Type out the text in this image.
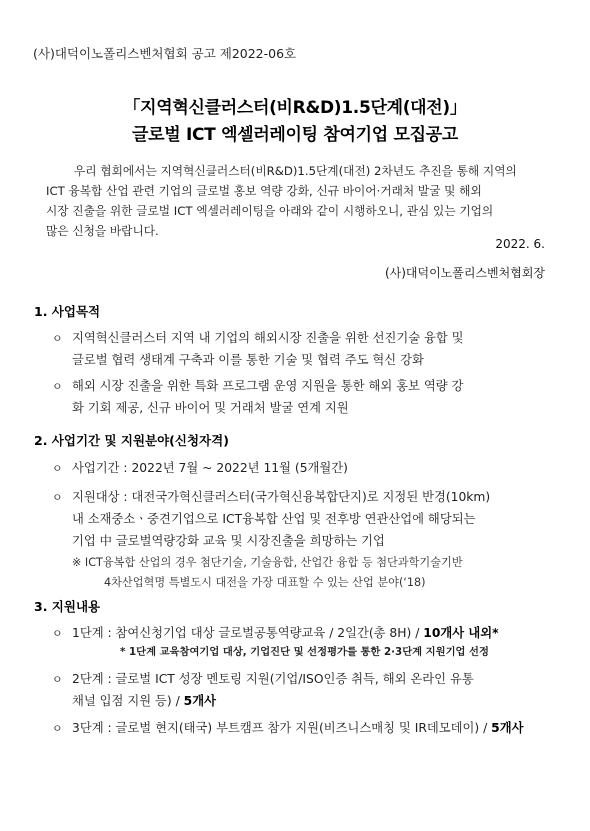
(사)대덕이노폴리스벤처협회 공고 제2022-06호
「지역혁신클러스터(비R&D)1.5단계(대전)」
글로벌 ICT 엑셀러레이팅 참여기업 모집공고
우리 협회에서는 지역혁신클러스터(비R&D)1.5단계(대전) 2차년도 추진을 통해 지역의
ICT 융복합 산업 관련 기업의 글로벌 홍보 역량 강화, 신규 바이어·거래처 발굴 및 해외
시장 진출을 위한 글로벌 ICT 엑셀러레이팅을 아래와 같이 시행하오니, 관심 있는 기업의
많은 신청을 바랍니다.
2022. 6.
(사)대덕이노폴리스벤처협회장
1. 사업목적
ㅇ 지역혁신클러스터 지역 내 기업의 해외시장 진출을 위한 선진기술 융합 및
글로벌 협력 생태계 구축과 이를 통한 기술 및 협력 주도 혁신 강화
ㅇ 해외 시장 진출을 위한 특화 프로그램 운영 지원을 통한 해외 홍보 역량 강
화 기회 제공, 신규 바이어 및 거래처 발굴 연계 지원
2. 사업기간 및 지원분야(신청자격)
ㅇ 사업기간 : 2022년 7월 ~ 2022년 11월 (5개월간)
ㅇ 지원대상 : 대전국가혁신클러스터(국가혁신융복합단지)로 지정된 반경(10km)
내 소재중소ㆍ중견기업으로 ICT융복합 산업 및 전후방 연관산업에 해당되는
기업 中 글로벌역량강화 교육 및 시장진출을 희망하는 기업
※ ICT융복합 산업의 경우 첨단기술, 기술융합, 산업간 융합 등 첨단과학기술기반
4차산업혁명 특별도시 대전을 가장 대표할 수 있는 산업 분야(‘18)
3. 지원내용
ㅇ 1단계 : 참여신청기업 대상 글로벌공통역량교육 / 2일간(총 8H) / 10개사 내외*
* 1단계 교육참여기업 대상, 기업진단 및 선정평가를 통한 2·3단계 지원기업 선정
ㅇ 2단계 : 글로벌 ICT 성장 멘토링 지원(기업/ISO인증 취득, 해외 온라인 유통
채널 입점 지원 등) / 5개사
ㅇ 3단계 : 글로벌 현지(태국) 부트캠프 참가 지원(비즈니스매칭 및 IR데모데이) / 5개사
